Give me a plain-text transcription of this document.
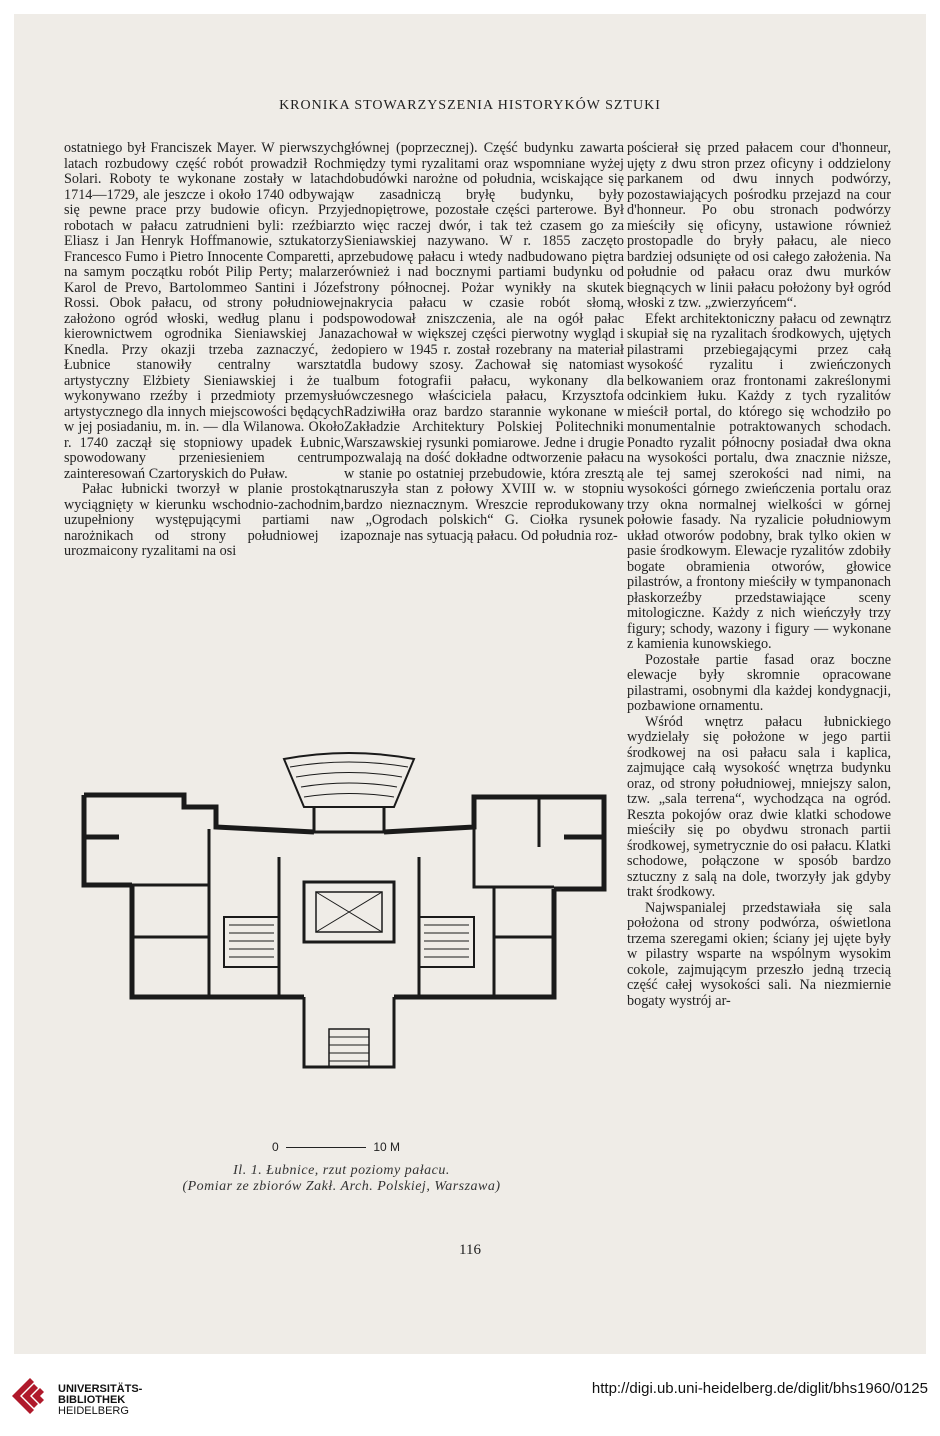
KRONIKA STOWARZYSZENIA HISTORYKÓW SZTUKI

ostatniego był Franciszek Mayer. W pierwszych latach rozbudowy część robót prowadził Roch Solari. Roboty te wykonane zostały w latach 1714—1729, ale jeszcze i około 1740 odbywają się pewne prace przy budowie oficyn. Przy robotach w pałacu zatrudnieni byli: rzeźbiarz Eliasz i Jan Henryk Hoffmanowie, sztukatorzy Francesco Fumo i Pietro Innocente Comparetti, a na samym początku robót Pilip Perty; malarze Karol de Prevo, Bartolommeo Santini i Józef Rossi. Obok pałacu, od strony południowej założono ogród włoski, według planu i pod kierownictwem ogrodnika Sieniawskiej Jana Knedla. Przy okazji trzeba zaznaczyć, że Łubnice stanowiły centralny warsztat artystyczny Elżbiety Sieniawskiej i że tu wykonywano rzeźby i przedmioty przemysłu artystycznego dla innych miejscowości będących w jej posiadaniu, m. in. — dla Wilanowa. Około r. 1740 zaczął się stopniowy upadek Łubnic, spowodowany przeniesieniem centrum zainteresowań Czartoryskich do Puław.

Pałac łubnicki tworzył w planie prostokąt wyciągnięty w kierunku wschodnio-zachodnim, uzupełniony występującymi partiami na narożnikach od strony południowej i urozmaicony ryzalitami na osi

głównej (poprzecznej). Część budynku zawarta między tymi ryzalitami oraz wspomniane wyżej dobudówki narożne od południa, wciskające się w zasadniczą bryłę budynku, były jednopiętrowe, pozostałe części parterowe. Był to więc raczej dwór, i tak też czasem go za Sieniawskiej nazywano. W r. 1855 zaczęto przebudowę pałacu i wtedy nadbudowano piętra również i nad bocznymi partiami budynku od strony północnej. Pożar wynikły na skutek nakrycia pałacu w czasie robót słomą, spowodował zniszczenia, ale na ogół pałac zachował w większej części pierwotny wygląd i dopiero w 1945 r. został rozebrany na materiał dla budowy szosy. Zachował się natomiast album fotografii pałacu, wykonany dla ówczesnego właściciela pałacu, Krzysztofa Radziwiłła oraz bardzo starannie wykonane w Zakładzie Architektury Polskiej Politechniki Warszawskiej rysunki pomiarowe. Jedne i drugie pozwalają na dość dokładne odtworzenie pałacu w stanie po ostatniej przebudowie, która zresztą naruszyła stan z połowy XVIII w. w stopniu bardzo nieznacznym. Wreszcie reprodukowany w „Ogrodach polskich“ G. Ciołka rysunek zapoznaje nas sytuacją pałacu. Od południa roz-

pościerał się przed pałacem cour d'honneur, ujęty z dwu stron przez oficyny i oddzielony parkanem od dwu innych podwórzy, pozostawiających pośrodku przejazd na cour d'honneur. Po obu stronach podwórzy mieściły się oficyny, ustawione również prostopadle do bryły pałacu, ale nieco bardziej odsunięte od osi całego założenia. Na południe od pałacu oraz dwu murków biegnących w linii pałacu położony był ogród włoski z tzw. „zwierzyńcem“.

Efekt architektoniczny pałacu od zewnątrz skupiał się na ryzalitach środkowych, ujętych pilastrami przebiegającymi przez całą wysokość ryzalitu i zwieńczonych belkowaniem oraz frontonami zakreślonymi odcinkiem łuku. Każdy z tych ryzalitów mieścił portal, do którego się wchodziło po monumentalnie potraktowanych schodach. Ponadto ryzalit północny posiadał dwa okna na wysokości portalu, dwa znacznie niższe, ale tej samej szerokości nad nimi, na wysokości górnego zwieńczenia portalu oraz trzy okna normalnej wielkości w górnej połowie fasady. Na ryzalicie południowym układ otworów podobny, brak tylko okien w pasie środkowym. Elewacje ryzalitów zdobiły bogate obramienia otworów, głowice pilastrów, a frontony mieściły w tympanonach płaskorzeźby przedstawiające sceny mitologiczne. Każdy z nich wieńczyły trzy figury; schody, wazony i figury — wykonane z kamienia kunowskiego.

Pozostałe partie fasad oraz boczne elewacje były skromnie opracowane pilastrami, osobnymi dla każdej kondygnacji, pozbawione ornamentu.

Wśród wnętrz pałacu łubnickiego wydzielały się położone w jego partii środkowej na osi pałacu sala i kaplica, zajmujące całą wysokość wnętrza budynku oraz, od strony południowej, mniejszy salon, tzw. „sala terrena“, wychodząca na ogród. Reszta pokojów oraz dwie klatki schodowe mieściły się po obydwu stronach partii środkowej, symetrycznie do osi pałacu. Klatki schodowe, połączone w sposób bardzo sztuczny z salą na dole, tworzyły jak gdyby trakt środkowy.

Najwspanialej przedstawiała się sala położona od strony podwórza, oświetlona trzema szeregami okien; ściany jej ujęte były w pilastry wsparte na wspólnym wysokim cokole, zajmującym przeszło jedną trzecią część całej wysokości sali. Na niezmiernie bogaty wystrój ar-

0	10 M
Il. 1. Łubnice, rzut poziomy pałacu.
(Pomiar ze zbiorów Zakł. Arch. Polskiej, Warszawa)
116
UNIVERSITÄTS-
BIBLIOTHEK
HEIDELBERG
http://digi.ub.uni-heidelberg.de/diglit/bhs1960/0125
